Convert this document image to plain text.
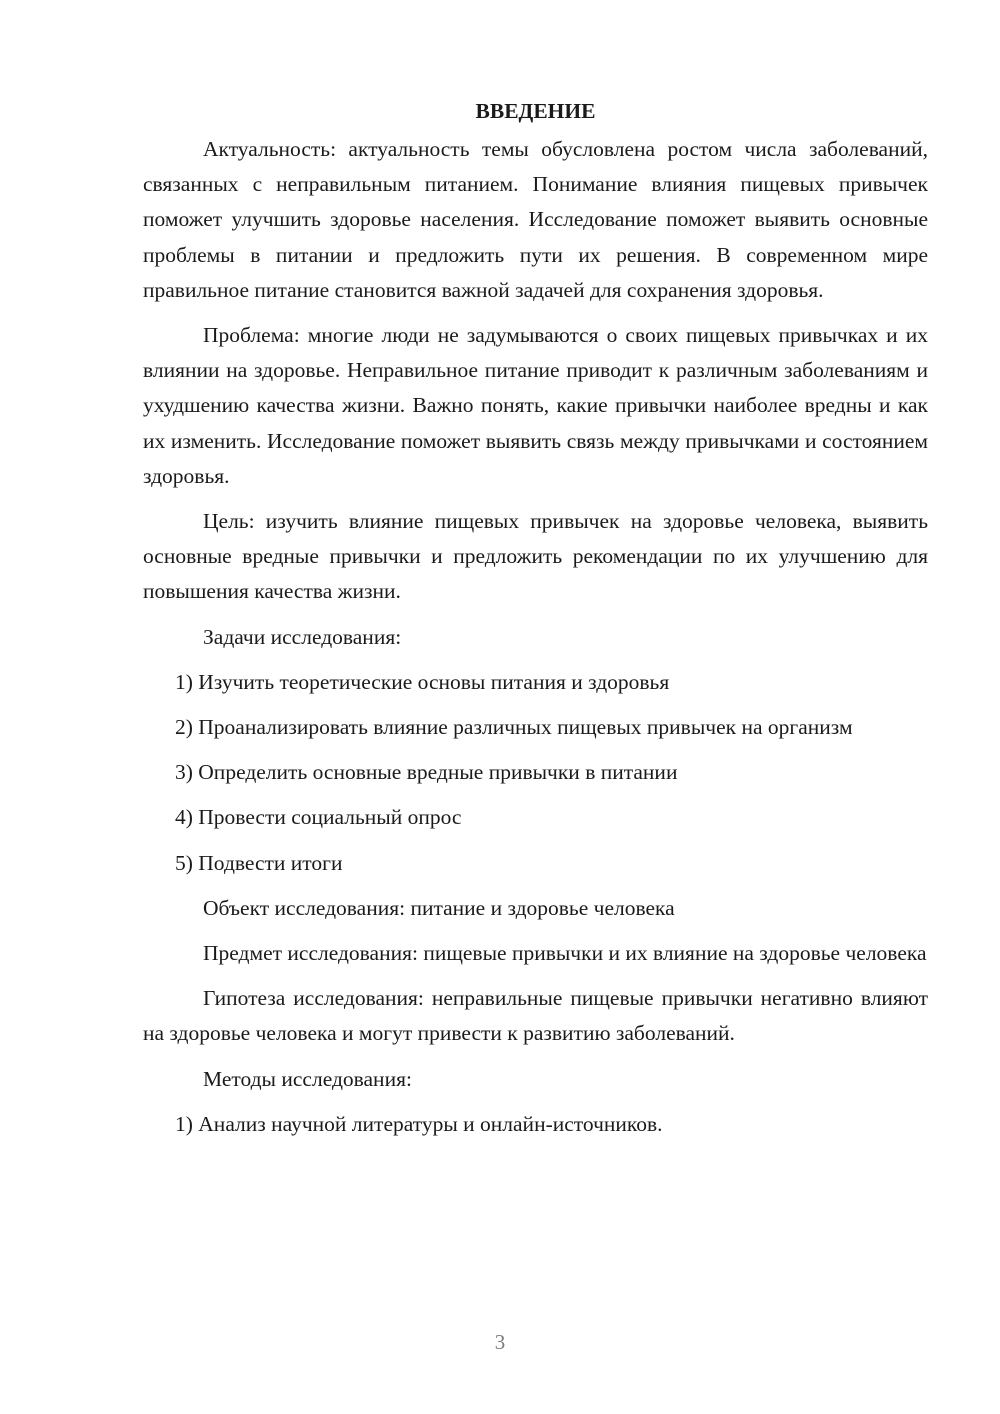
ВВЕДЕНИЕ

Актуальность: актуальность темы обусловлена ростом числа заболеваний, связанных с неправильным питанием. Понимание влияния пищевых привычек поможет улучшить здоровье населения. Исследование поможет выявить основные проблемы в питании и предложить пути их решения. В современном мире правильное питание становится важной задачей для сохранения здоровья.

Проблема: многие люди не задумываются о своих пищевых привычках и их влиянии на здоровье. Неправильное питание приводит к различным заболеваниям и ухудшению качества жизни. Важно понять, какие привычки наиболее вредны и как их изменить. Исследование поможет выявить связь между привычками и состоянием здоровья.

Цель: изучить влияние пищевых привычек на здоровье человека, выявить основные вредные привычки и предложить рекомендации по их улучшению для повышения качества жизни.

Задачи исследования:

1) Изучить теоретические основы питания и здоровья

2) Проанализировать влияние различных пищевых привычек на организм

3) Определить основные вредные привычки в питании

4) Провести социальный опрос

5) Подвести итоги

Объект исследования: питание и здоровье человека

Предмет исследования: пищевые привычки и их влияние на здоровье человека

Гипотеза исследования: неправильные пищевые привычки негативно влияют на здоровье человека и могут привести к развитию заболеваний.

Методы исследования:

1) Анализ научной литературы и онлайн-источников.

3
